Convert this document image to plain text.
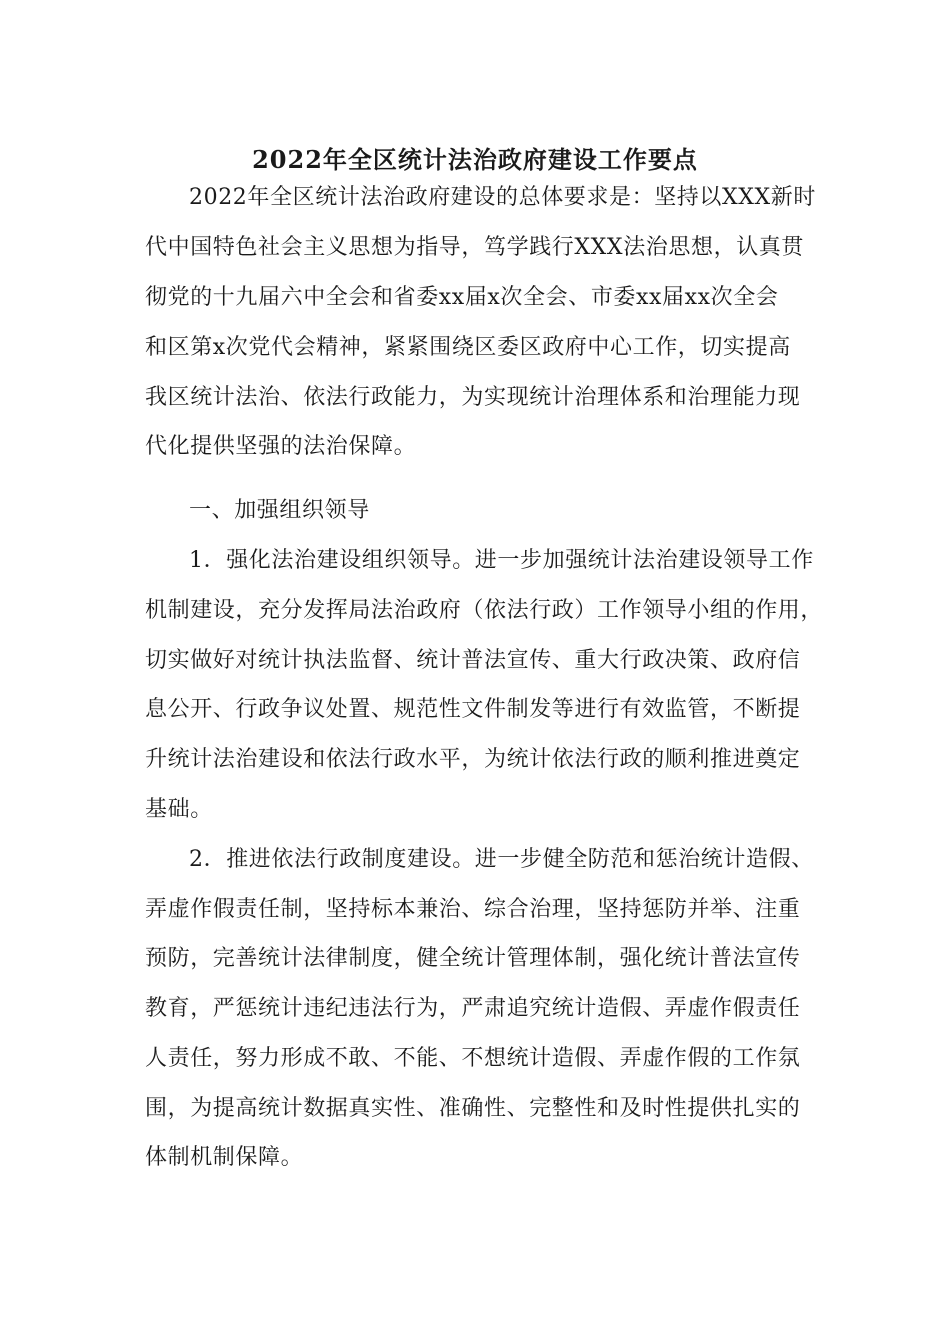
2022年全区统计法治政府建设工作要点
2022年全区统计法治政府建设的总体要求是：坚持以XXX新时
代中国特色社会主义思想为指导，笃学践行XXX法治思想，认真贯
彻党的十九届六中全会和省委xx届x次全会、市委xx届xx次全会
和区第x次党代会精神，紧紧围绕区委区政府中心工作，切实提高
我区统计法治、依法行政能力，为实现统计治理体系和治理能力现
代化提供坚强的法治保障。
一、加强组织领导
1．强化法治建设组织领导。进一步加强统计法治建设领导工作
机制建设，充分发挥局法治政府（依法行政）工作领导小组的作用，
切实做好对统计执法监督、统计普法宣传、重大行政决策、政府信
息公开、行政争议处置、规范性文件制发等进行有效监管，不断提
升统计法治建设和依法行政水平，为统计依法行政的顺利推进奠定
基础。
2．推进依法行政制度建设。进一步健全防范和惩治统计造假、
弄虚作假责任制，坚持标本兼治、综合治理，坚持惩防并举、注重
预防，完善统计法律制度，健全统计管理体制，强化统计普法宣传
教育，严惩统计违纪违法行为，严肃追究统计造假、弄虚作假责任
人责任，努力形成不敢、不能、不想统计造假、弄虚作假的工作氛
围，为提高统计数据真实性、准确性、完整性和及时性提供扎实的
体制机制保障。
